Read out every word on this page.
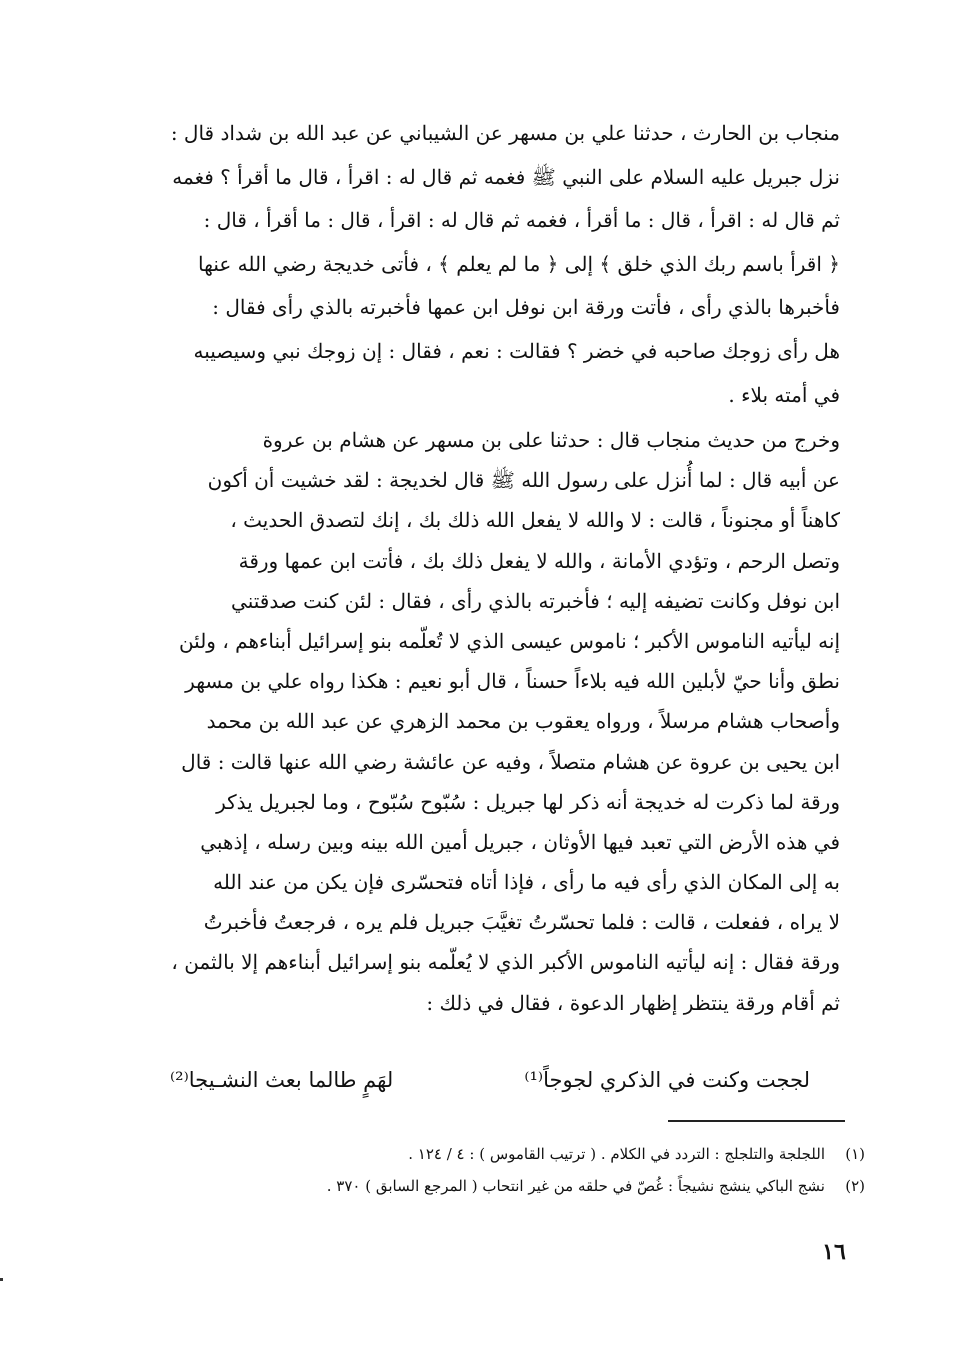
منجاب بن الحارث ، حدثنا علي بن مسهر عن الشيباني عن عبد الله بن شداد قال :
نزل جبريل عليه السلام على النبي ﷺ فغمه ثم قال له : اقرأ ، قال ما أقرأ ؟ فغمه
ثم قال له : اقرأ ، قال : ما أقرأ ، فغمه ثم قال له : اقرأ ، قال : ما أقرأ ، قال :
﴿ اقرأ باسم ربك الذي خلق ﴾ إلى ﴿ ما لم يعلم ﴾ ، فأتى خديجة رضي الله عنها
فأخبرها بالذي رأى ، فأتت ورقة ابن نوفل ابن عمها فأخبرته بالذي رأى فقال :
هل رأى زوجك صاحبه في خضر ؟ فقالت : نعم ، فقال : إن زوجك نبي وسيصيبه
في أمته بلاء .
وخرج من حديث منجاب قال : حدثنا على بن مسهر عن هشام بن عروة
عن أبيه قال : لما أُنزل على رسول الله ﷺ قال لخديجة : لقد خشيت أن أكون
كاهناً أو مجنوناً ، قالت : لا والله لا يفعل الله ذلك بك ، إنك لتصدق الحديث ،
وتصل الرحم ، وتؤدي الأمانة ، والله لا يفعل ذلك بك ، فأتت ابن عمها ورقة
ابن نوفل وكانت تضيفه إليه ؛ فأخبرته بالذي رأى ، فقال : لئن كنت صدقتني
إنه ليأتيه الناموس الأكبر ؛ ناموس عيسى الذي لا تُعلّمه بنو إسرائيل أبناءهم ، ولئن
نطق وأنا حيّ لأبلين الله فيه بلاءاً حسناً ، قال أبو نعيم : هكذا رواه علي بن مسهر
وأصحاب هشام مرسلاً ، ورواه يعقوب بن محمد الزهري عن عبد الله بن محمد
ابن يحيى بن عروة عن هشام متصلاً ، وفيه عن عائشة رضي الله عنها قالت : قال
ورقة لما ذكرت له خديجة أنه ذكر لها جبريل : سُبّوح سُبّوح ، وما لجبريل يذكر
في هذه الأرض التي تعبد فيها الأوثان ، جبريل أمين الله بينه وبين رسله ، إذهبي
به إلى المكان الذي رأى فيه ما رأى ، فإذا أتاه فتحسّرى فإن يكن من عند الله
لا يراه ، ففعلت ، قالت : فلما تحسّرتُ تغيَّبَ جبريل فلم يره ، فرجعتُ فأخبرتُ
ورقة فقال : إنه ليأتيه الناموس الأكبر الذي لا يُعلّمه بنو إسرائيل أبناءهم إلا بالثمن ،
ثم أقام ورقة ينتظر إظهار الدعوة ، فقال في ذلك :
لججت وكنت في الذكري لجوجاً⁽¹⁾
لهَمٍ طالما بعث النشـيجا⁽²⁾
(١)
اللجلجة والتلجلج : التردد في الكلام . ( ترتيب القاموس ) : ٤ / ١٢٤ .
(٢)
نشج الباكي ينشج نشيجاً : غُصّ في حلقه من غير انتحاب ( المرجع السابق ) ٣٧٠ .
١٦
